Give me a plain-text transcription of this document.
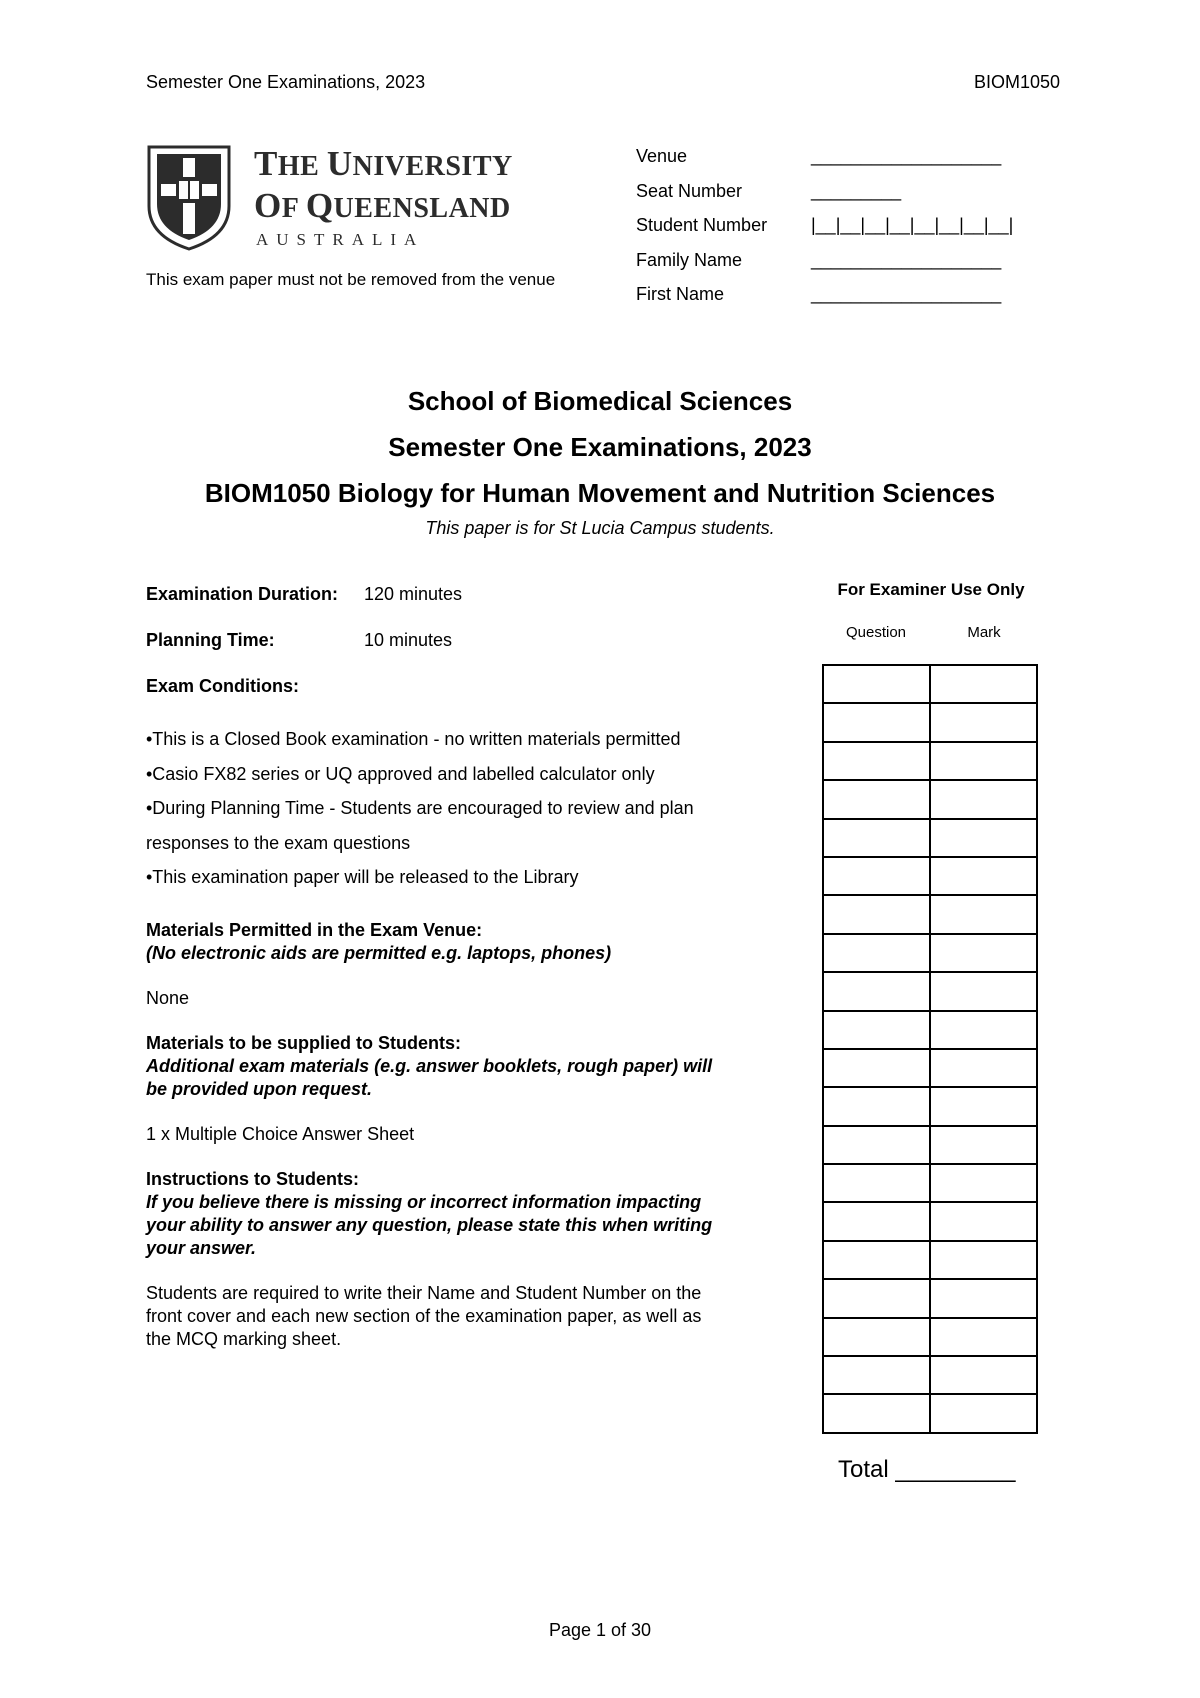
Semester One Examinations, 2023	BIOM1050
THE UNIVERSITY
OF QUEENSLAND
AUSTRALIA
This exam paper must not be removed from the venue
Venue	___________________
Seat Number	_________
Student Number |__|__|__|__|__|__|__|__|
Family Name	___________________
First Name	___________________
School of Biomedical Sciences
Semester One Examinations, 2023
BIOM1050 Biology for Human Movement and Nutrition Sciences
This paper is for St Lucia Campus students.
Examination Duration: 120 minutes
Planning Time:	10 minutes
Exam Conditions:
•This is a Closed Book examination - no written materials permitted
•Casio FX82 series or UQ approved and labelled calculator only
•During Planning Time - Students are encouraged to review and plan
responses to the exam questions
•This examination paper will be released to the Library
Materials Permitted in the Exam Venue:
(No electronic aids are permitted e.g. laptops, phones)
None
Materials to be supplied to Students:
Additional exam materials (e.g. answer booklets, rough paper) will
be provided upon request.
1 x Multiple Choice Answer Sheet
Instructions to Students:
If you believe there is missing or incorrect information impacting
your ability to answer any question, please state this when writing
your answer.
Students are required to write their Name and Student Number on the
front cover and each new section of the examination paper, as well as
the MCQ marking sheet.
For Examiner Use Only
Question	Mark

Total _________
Page 1 of 30
